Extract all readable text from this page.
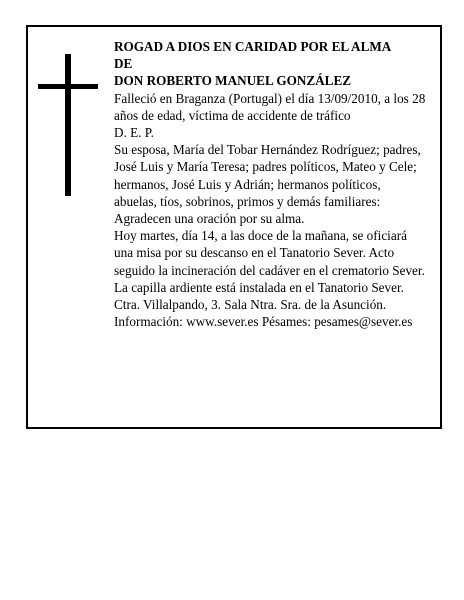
ROGAD A DIOS EN CARIDAD POR EL ALMA
DE
DON ROBERTO MANUEL GONZÁLEZ
Falleció en Braganza (Portugal) el día 13/09/2010, a los 28 años de edad, víctima de accidente de tráfico
D. E. P.
Su esposa, María del Tobar Hernández Rodríguez; padres, José Luis y María Teresa; padres políticos, Mateo y Cele; hermanos, José Luis y Adrián; hermanos políticos, abuelas, tíos, sobrinos, primos y demás familiares:
Agradecen una oración por su alma.
Hoy martes, día 14, a las doce de la mañana, se oficiará una misa por su descanso en el Tanatorio Sever. Acto seguido la incineración del cadáver en el crematorio Sever.
La capilla ardiente está instalada en el Tanatorio Sever. Ctra. Villalpando, 3. Sala Ntra. Sra. de la Asunción. Información: www.sever.es Pésames: pesames@sever.es
